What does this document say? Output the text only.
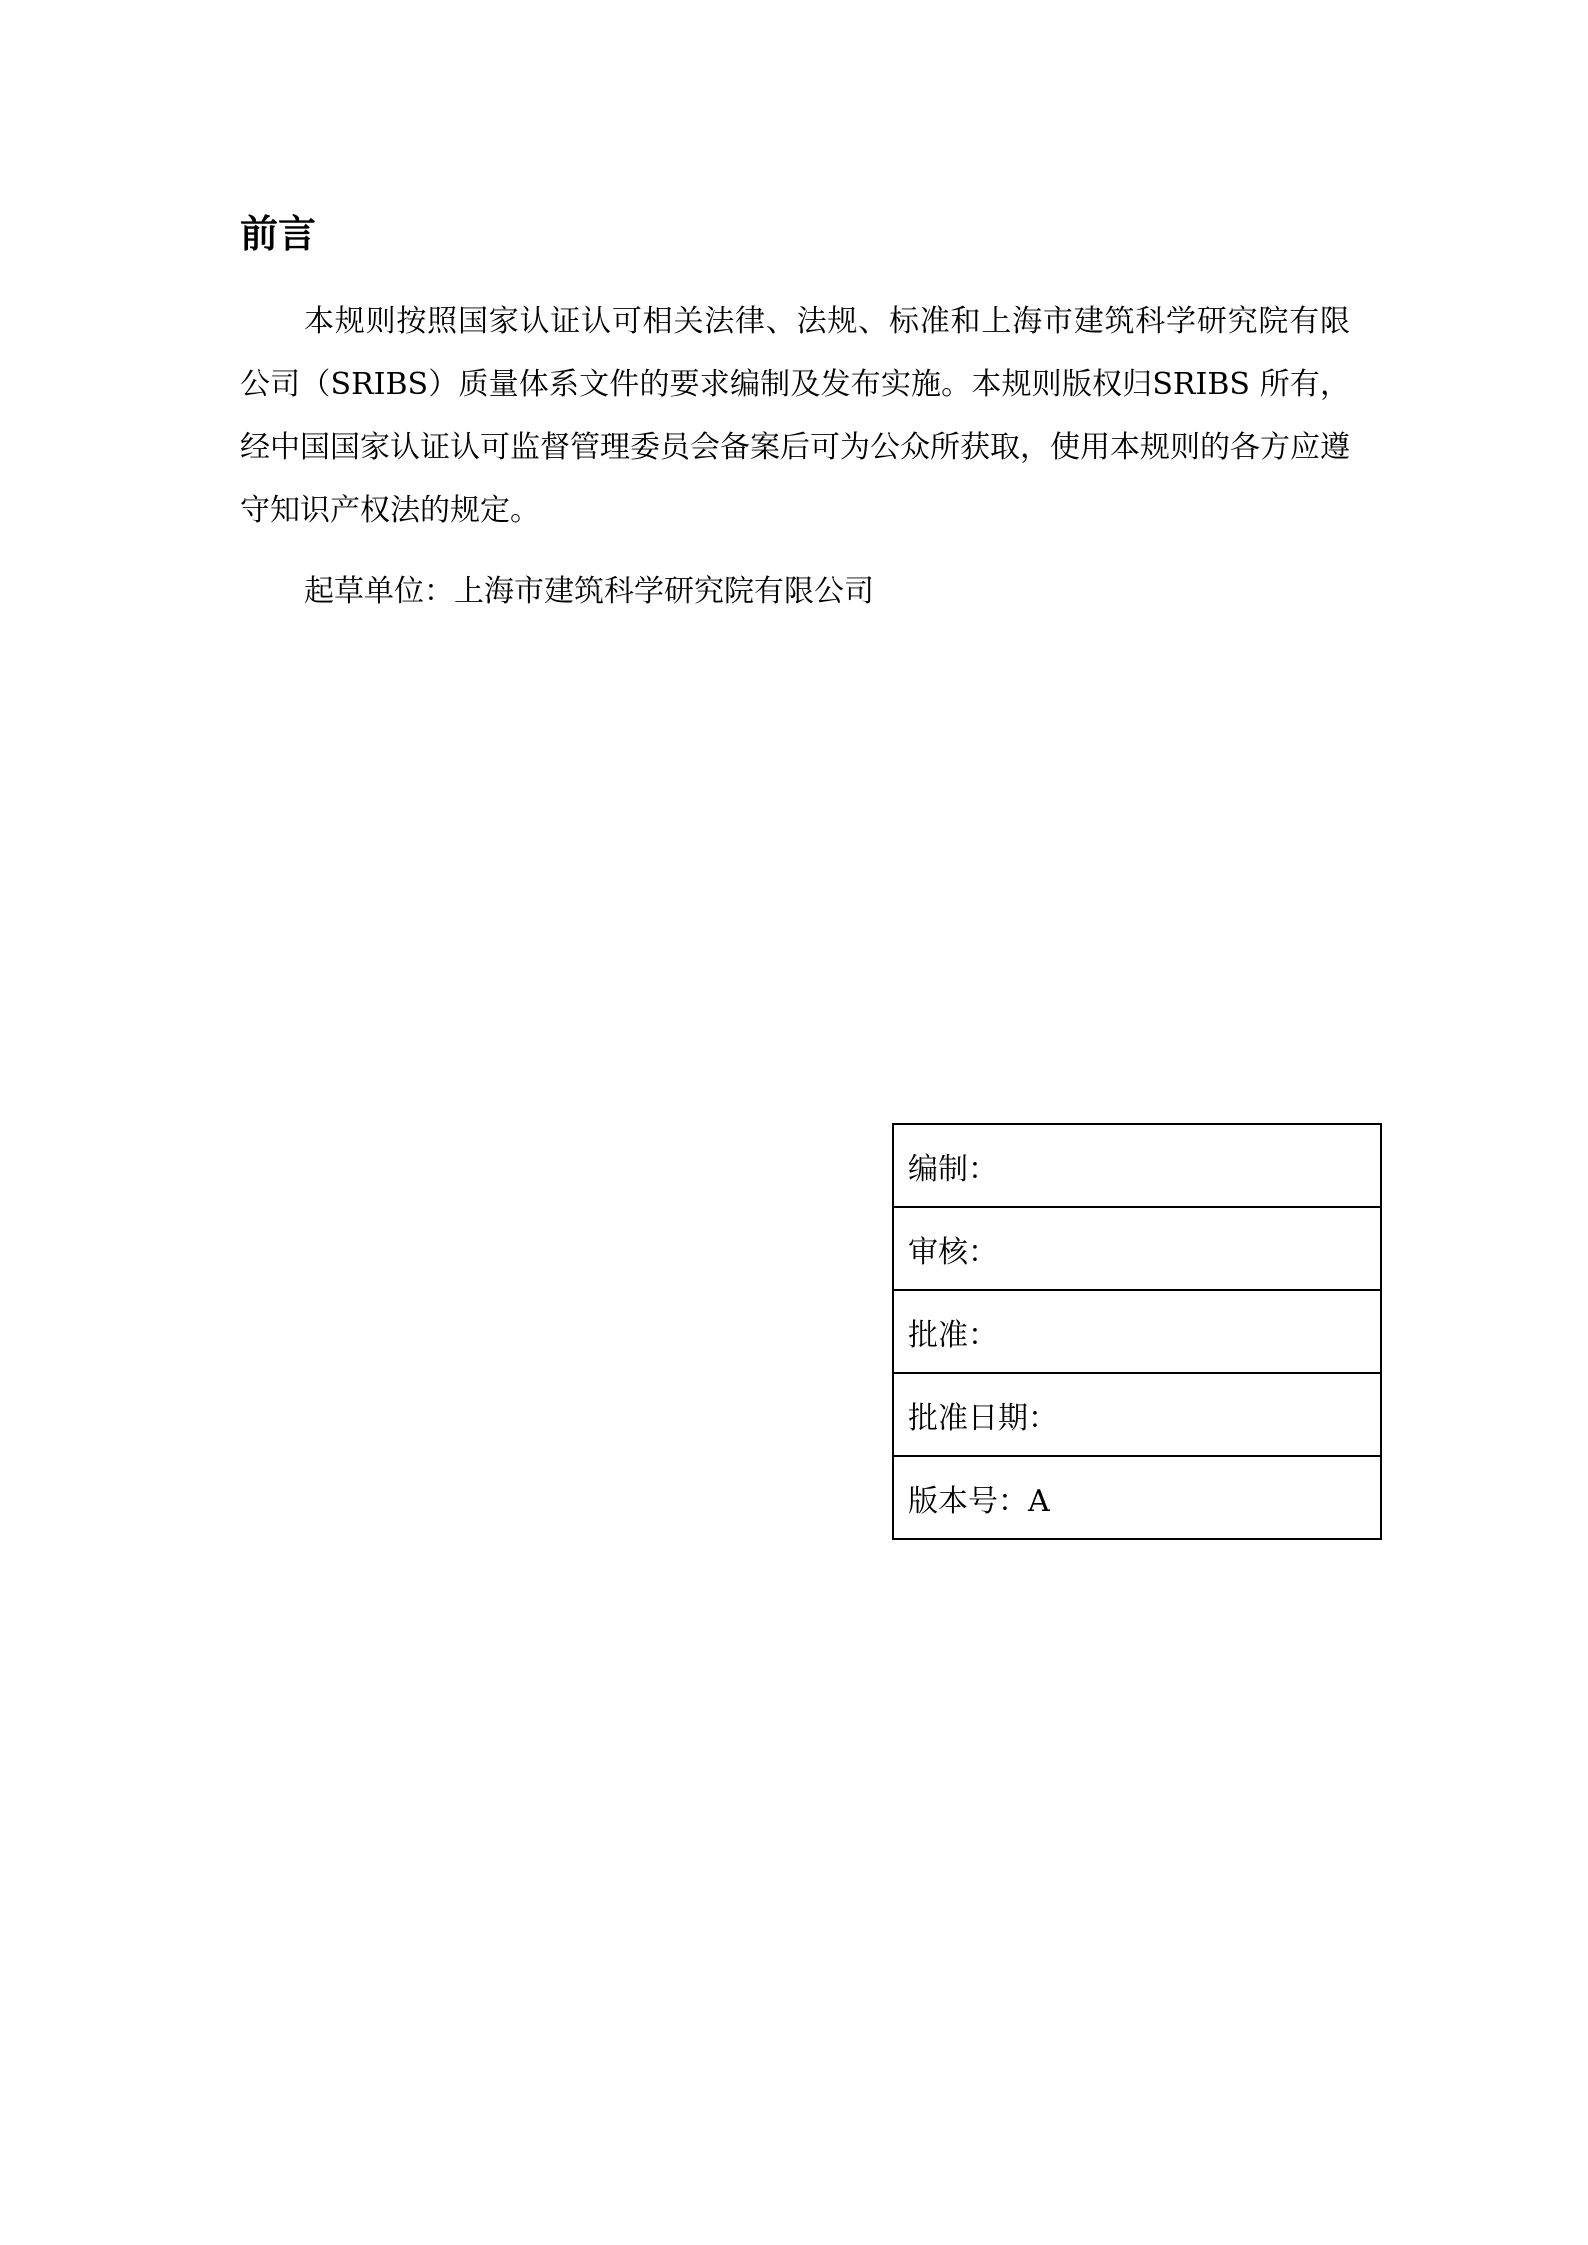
前言

本规则按照国家认证认可相关法律、法规、标准和上海市建筑科学研究院有限公司（SRIBS）质量体系文件的要求编制及发布实施。本规则版权归SRIBS 所有，经中国国家认证认可监督管理委员会备案后可为公众所获取，使用本规则的各方应遵守知识产权法的规定。

起草单位：上海市建筑科学研究院有限公司

编制：
审核：
批准：
批准日期：
版本号：A
